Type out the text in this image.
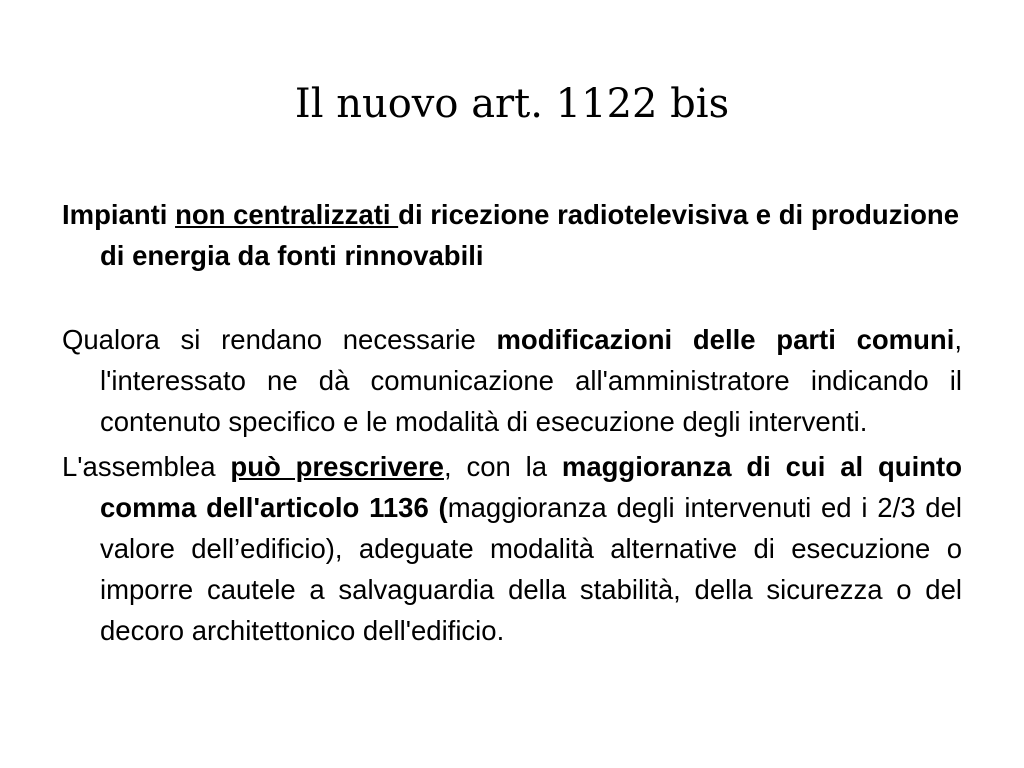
Il nuovo art. 1122 bis

Impianti non centralizzati di ricezione radiotelevisiva e di produzione di energia da fonti rinnovabili

Qualora si rendano necessarie modificazioni delle parti comuni, l'interessato ne dà comunicazione all'amministratore indicando il contenuto specifico e le modalità di esecuzione degli interventi.

L'assemblea può prescrivere, con la maggioranza di cui al quinto comma dell'articolo 1136 (maggioranza degli intervenuti ed i 2/3 del valore dell’edificio), adeguate modalità alternative di esecuzione o imporre cautele a salvaguardia della stabilità, della sicurezza o del decoro architettonico dell'edificio.
